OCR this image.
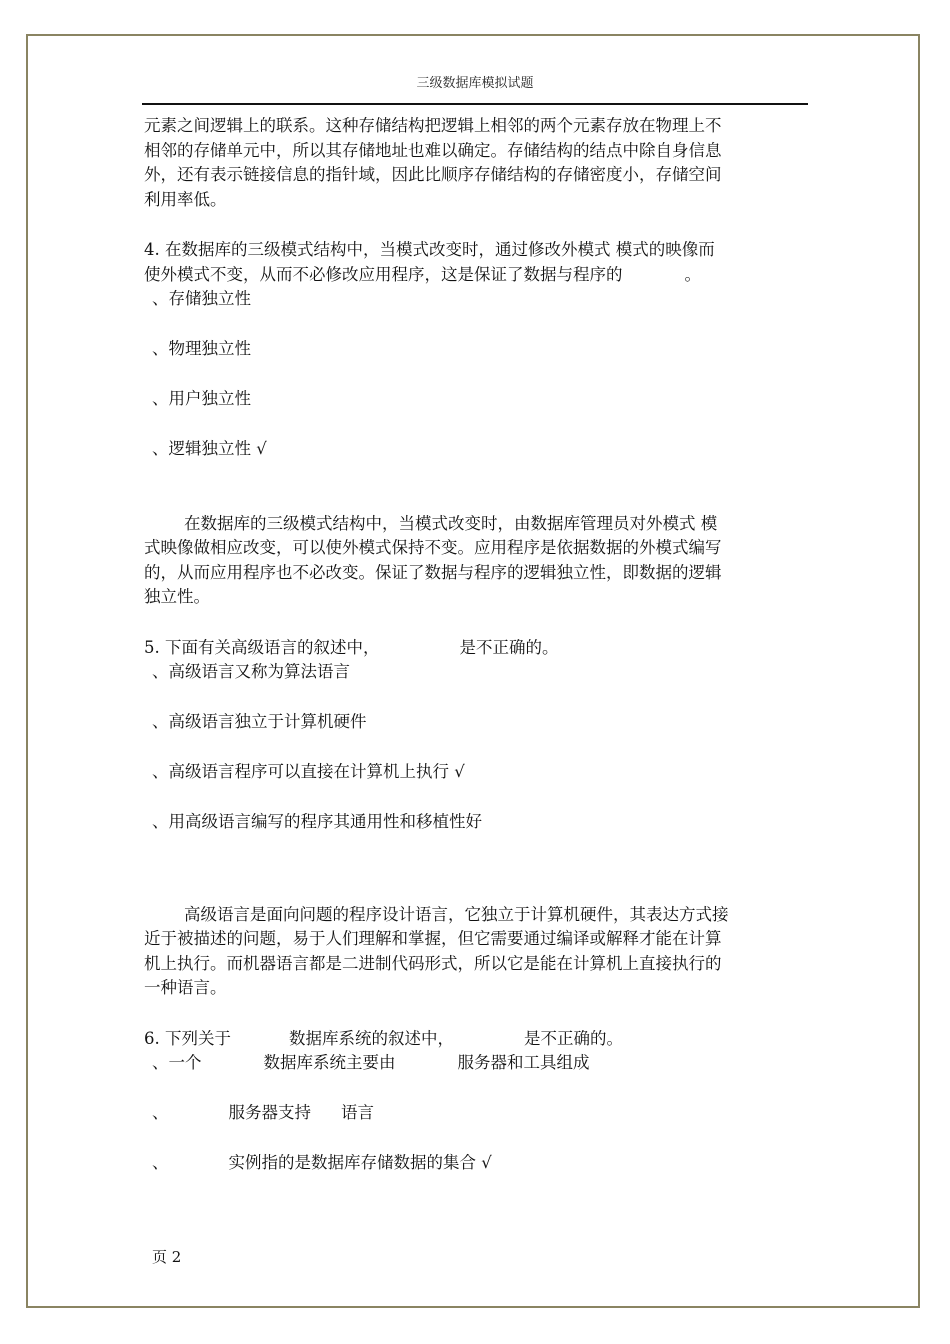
三级数据库模拟试题

元素之间逻辑上的联系。这种存储结构把逻辑上相邻的两个元素存放在物理上不

相邻的存储单元中，所以其存储地址也难以确定。存储结构的结点中除自身信息

外，还有表示链接信息的指针域，因此比顺序存储结构的存储密度小，存储空间

利用率低。

4. 在数据库的三级模式结构中，当模式改变时，通过修改外模式 模式的映像而

使外模式不变，从而不必修改应用程序，这是保证了数据与程序的	。

、存储独立性

、物理独立性

、用户独立性

、逻辑独立性 √

在数据库的三级模式结构中，当模式改变时，由数据库管理员对外模式 模

式映像做相应改变，可以使外模式保持不变。应用程序是依据数据的外模式编写

的，从而应用程序也不必改变。保证了数据与程序的逻辑独立性，即数据的逻辑

独立性。

5. 下面有关高级语言的叙述中，	是不正确的。

、高级语言又称为算法语言

、高级语言独立于计算机硬件

、高级语言程序可以直接在计算机上执行 √

、用高级语言编写的程序其通用性和移植性好

高级语言是面向问题的程序设计语言，它独立于计算机硬件，其表达方式接

近于被描述的问题，易于人们理解和掌握，但它需要通过编译或解释才能在计算

机上执行。而机器语言都是二进制代码形式，所以它是能在计算机上直接执行的

一种语言。

6. 下列关于	数据库系统的叙述中，	是不正确的。

、一个	数据库系统主要由	服务器和工具组成

、	服务器支持 语言

、	实例指的是数据库存储数据的集合 √

页 2
